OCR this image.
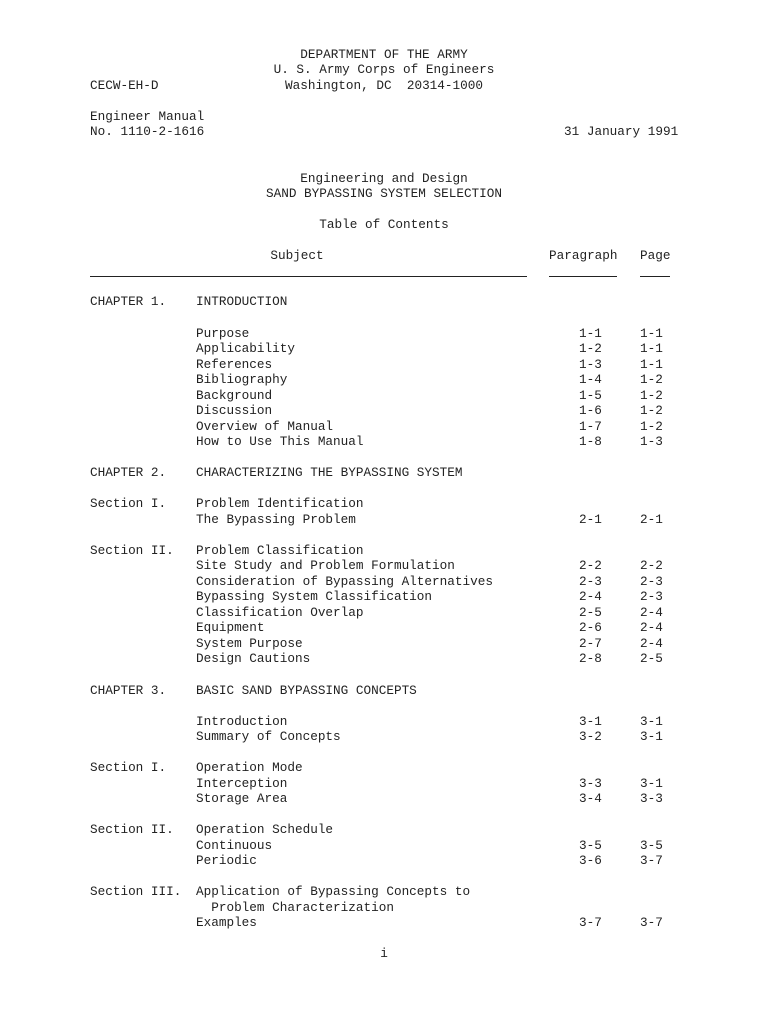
DEPARTMENT OF THE ARMY
U. S. Army Corps of Engineers
Washington, DC  20314-1000
CECW-EH-D
Engineer Manual
No. 1110-2-1616	31 January 1991
Engineering and Design
SAND BYPASSING SYSTEM SELECTION
Table of Contents
Subject	Paragraph Page
CHAPTER 1. INTRODUCTION
Purpose	1-1	1-1
Applicability	1-2	1-1
References	1-3	1-1
Bibliography	1-4	1-2
Background	1-5	1-2
Discussion	1-6	1-2
Overview of Manual	1-7	1-2
How to Use This Manual	1-8	1-3
CHAPTER 2. CHARACTERIZING THE BYPASSING SYSTEM
Section I. Problem Identification
The Bypassing Problem	2-1	2-1
Section II. Problem Classification
Site Study and Problem Formulation	2-2	2-2
Consideration of Bypassing Alternatives	2-3	2-3
Bypassing System Classification	2-4	2-3
Classification Overlap	2-5	2-4
Equipment	2-6	2-4
System Purpose	2-7	2-4
Design Cautions	2-8	2-5
CHAPTER 3. BASIC SAND BYPASSING CONCEPTS
Introduction	3-1	3-1
Summary of Concepts	3-2	3-1
Section I. Operation Mode
Interception	3-3	3-1
Storage Area	3-4	3-3
Section II. Operation Schedule
Continuous	3-5	3-5
Periodic	3-6	3-7
Section III. Application of Bypassing Concepts to
Problem Characterization
Examples	3-7	3-7
i
